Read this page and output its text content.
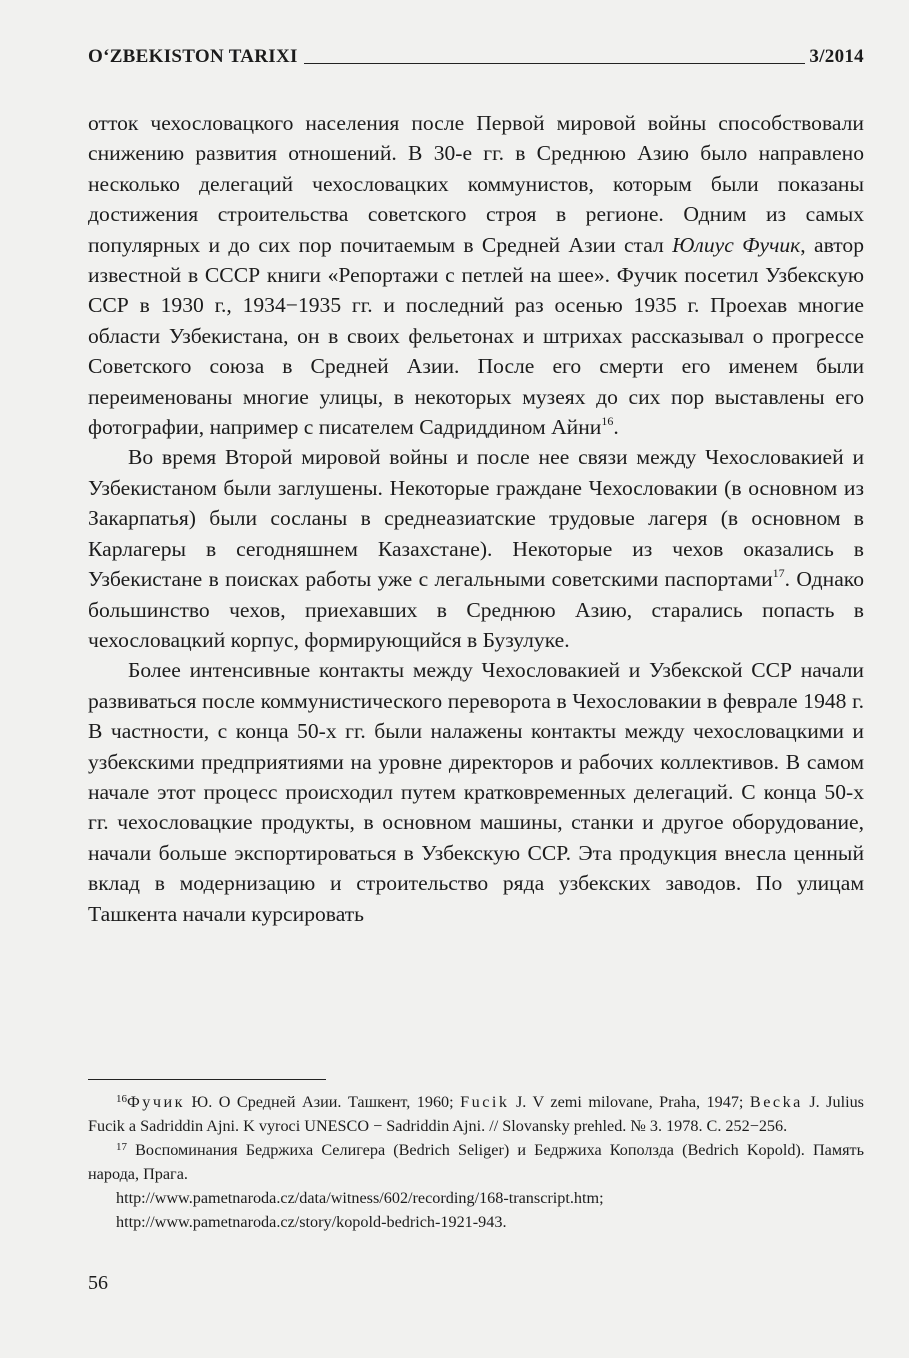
O‘ZBEKISTON TARIXI	3/2014

отток чехословацкого населения после Первой мировой войны способствовали снижению развития отношений. В 30-е гг. в Среднюю Азию было направлено несколько делегаций чехословацких коммунистов, которым были показаны достижения строительства советского строя в регионе. Одним из самых популярных и до сих пор почитаемым в Средней Азии стал Юлиус Фучик, автор известной в СССР книги «Репортажи с петлей на шее». Фучик посетил Узбекскую ССР в 1930 г., 1934−1935 гг. и последний раз осенью 1935 г. Проехав многие области Узбекистана, он в своих фельетонах и штрихах рассказывал о прогрессе Советского союза в Средней Азии. После его смерти его именем были переименованы многие улицы, в некоторых музеях до сих пор выставлены его фотографии, например с писателем Садриддином Айни$^{16}$.

Во время Второй мировой войны и после нее связи между Чехословакией и Узбекистаном были заглушены. Некоторые граждане Чехословакии (в основном из Закарпатья) были сосланы в среднеазиатские трудовые лагеря (в основном в Карлагеры в сегодняшнем Казахстане). Некоторые из чехов оказались в Узбекистане в поисках работы уже с легальными советскими паспортами$^{17}$. Однако большинство чехов, приехавших в Среднюю Азию, старались попасть в чехословацкий корпус, формирующийся в Бузулуке.

Более интенсивные контакты между Чехословакией и Узбекской ССР начали развиваться после коммунистического переворота в Чехословакии в феврале 1948 г. В частности, с конца 50-х гг. были налажены контакты между чехословацкими и узбекскими предприятиями на уровне директоров и рабочих коллективов. В самом начале этот процесс происходил путем кратковременных делегаций. С конца 50-х гг. чехословацкие продукты, в основном машины, станки и другое оборудование, начали больше экспортироваться в Узбекскую ССР. Эта продукция внесла ценный вклад в модернизацию и строительство ряда узбекских заводов. По улицам Ташкента начали курсировать

$^{16}$Фучик Ю. О Средней Азии. Ташкент, 1960; Fucik J. V zemi milovane, Praha, 1947; Becka J. Julius Fucik a Sadriddin Ajni. K vyroci UNESCO − Sadriddin Ajni. // Slovansky prehled. № 3. 1978. С. 252−256.

$^{17}$ Воспоминания Бедржиха Селигера (Bedrich Seliger) и Бедржиха Коползда (Bedrich Kopold). Память народа, Прага.
http://www.pametnaroda.cz/data/witness/602/recording/168-transcript.htm;
http://www.pametnaroda.cz/story/kopold-bedrich-1921-943.

56
